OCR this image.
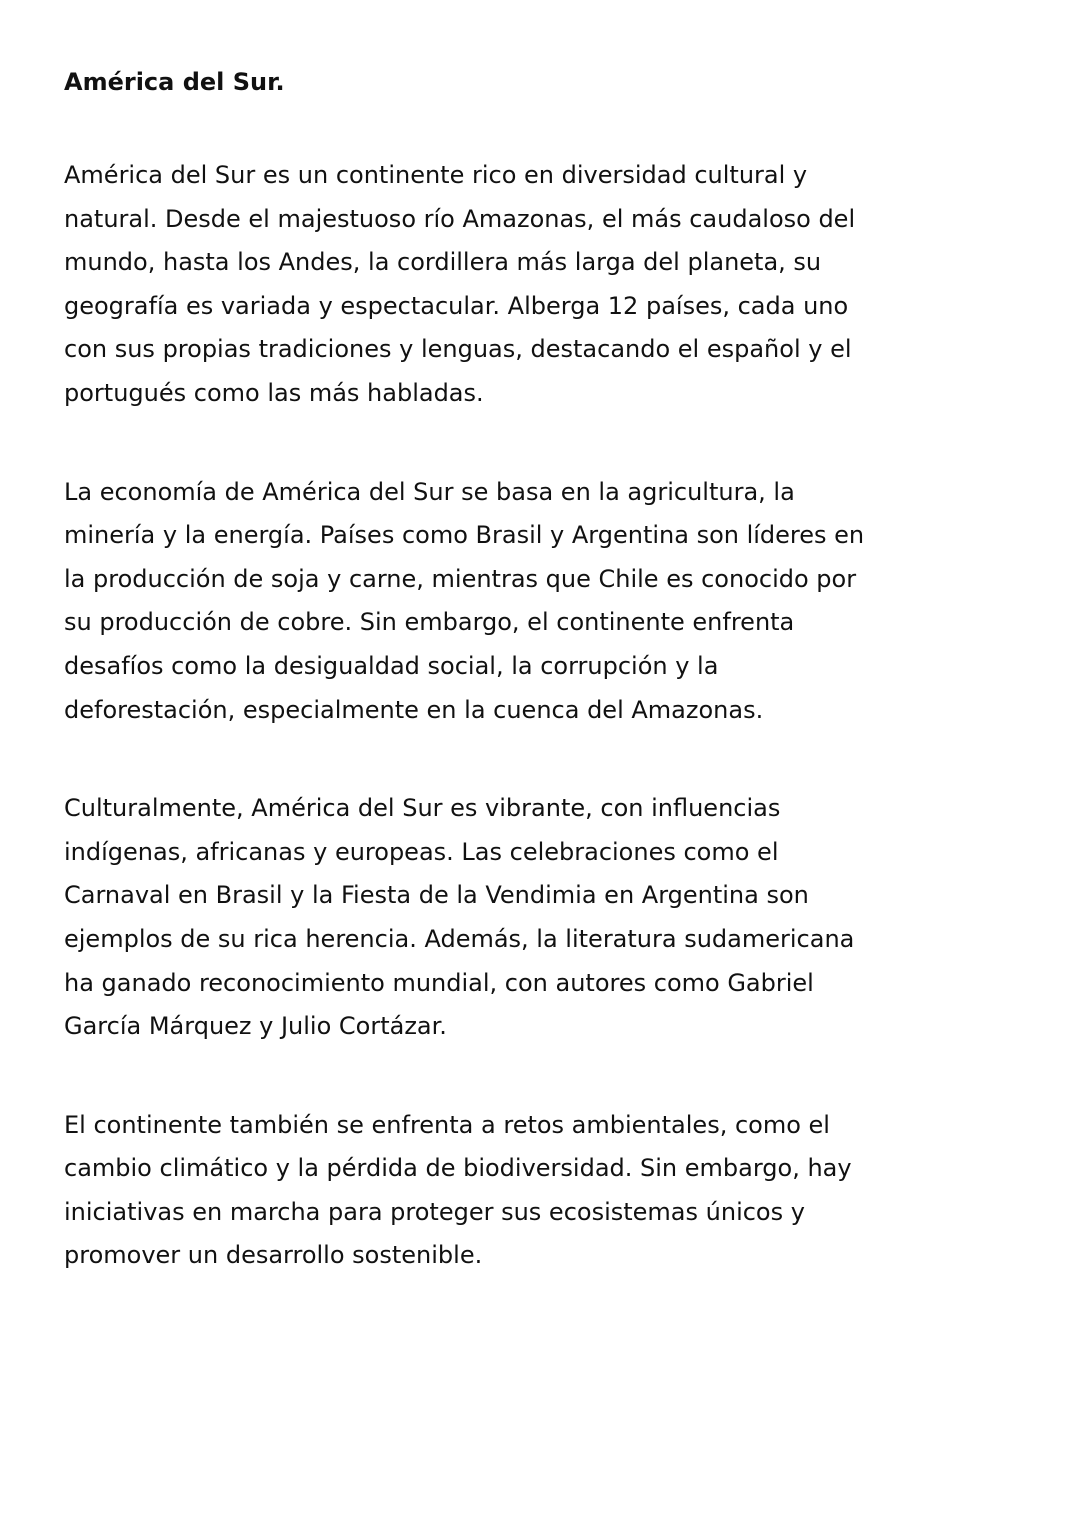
América del Sur.

América del Sur es un continente rico en diversidad cultural y
natural. Desde el majestuoso río Amazonas, el más caudaloso del
mundo, hasta los Andes, la cordillera más larga del planeta, su
geografía es variada y espectacular. Alberga 12 países, cada uno
con sus propias tradiciones y lenguas, destacando el español y el
portugués como las más habladas.

La economía de América del Sur se basa en la agricultura, la
minería y la energía. Países como Brasil y Argentina son líderes en
la producción de soja y carne, mientras que Chile es conocido por
su producción de cobre. Sin embargo, el continente enfrenta
desafíos como la desigualdad social, la corrupción y la
deforestación, especialmente en la cuenca del Amazonas.

Culturalmente, América del Sur es vibrante, con influencias
indígenas, africanas y europeas. Las celebraciones como el
Carnaval en Brasil y la Fiesta de la Vendimia en Argentina son
ejemplos de su rica herencia. Además, la literatura sudamericana
ha ganado reconocimiento mundial, con autores como Gabriel
García Márquez y Julio Cortázar.

El continente también se enfrenta a retos ambientales, como el
cambio climático y la pérdida de biodiversidad. Sin embargo, hay
iniciativas en marcha para proteger sus ecosistemas únicos y
promover un desarrollo sostenible.
